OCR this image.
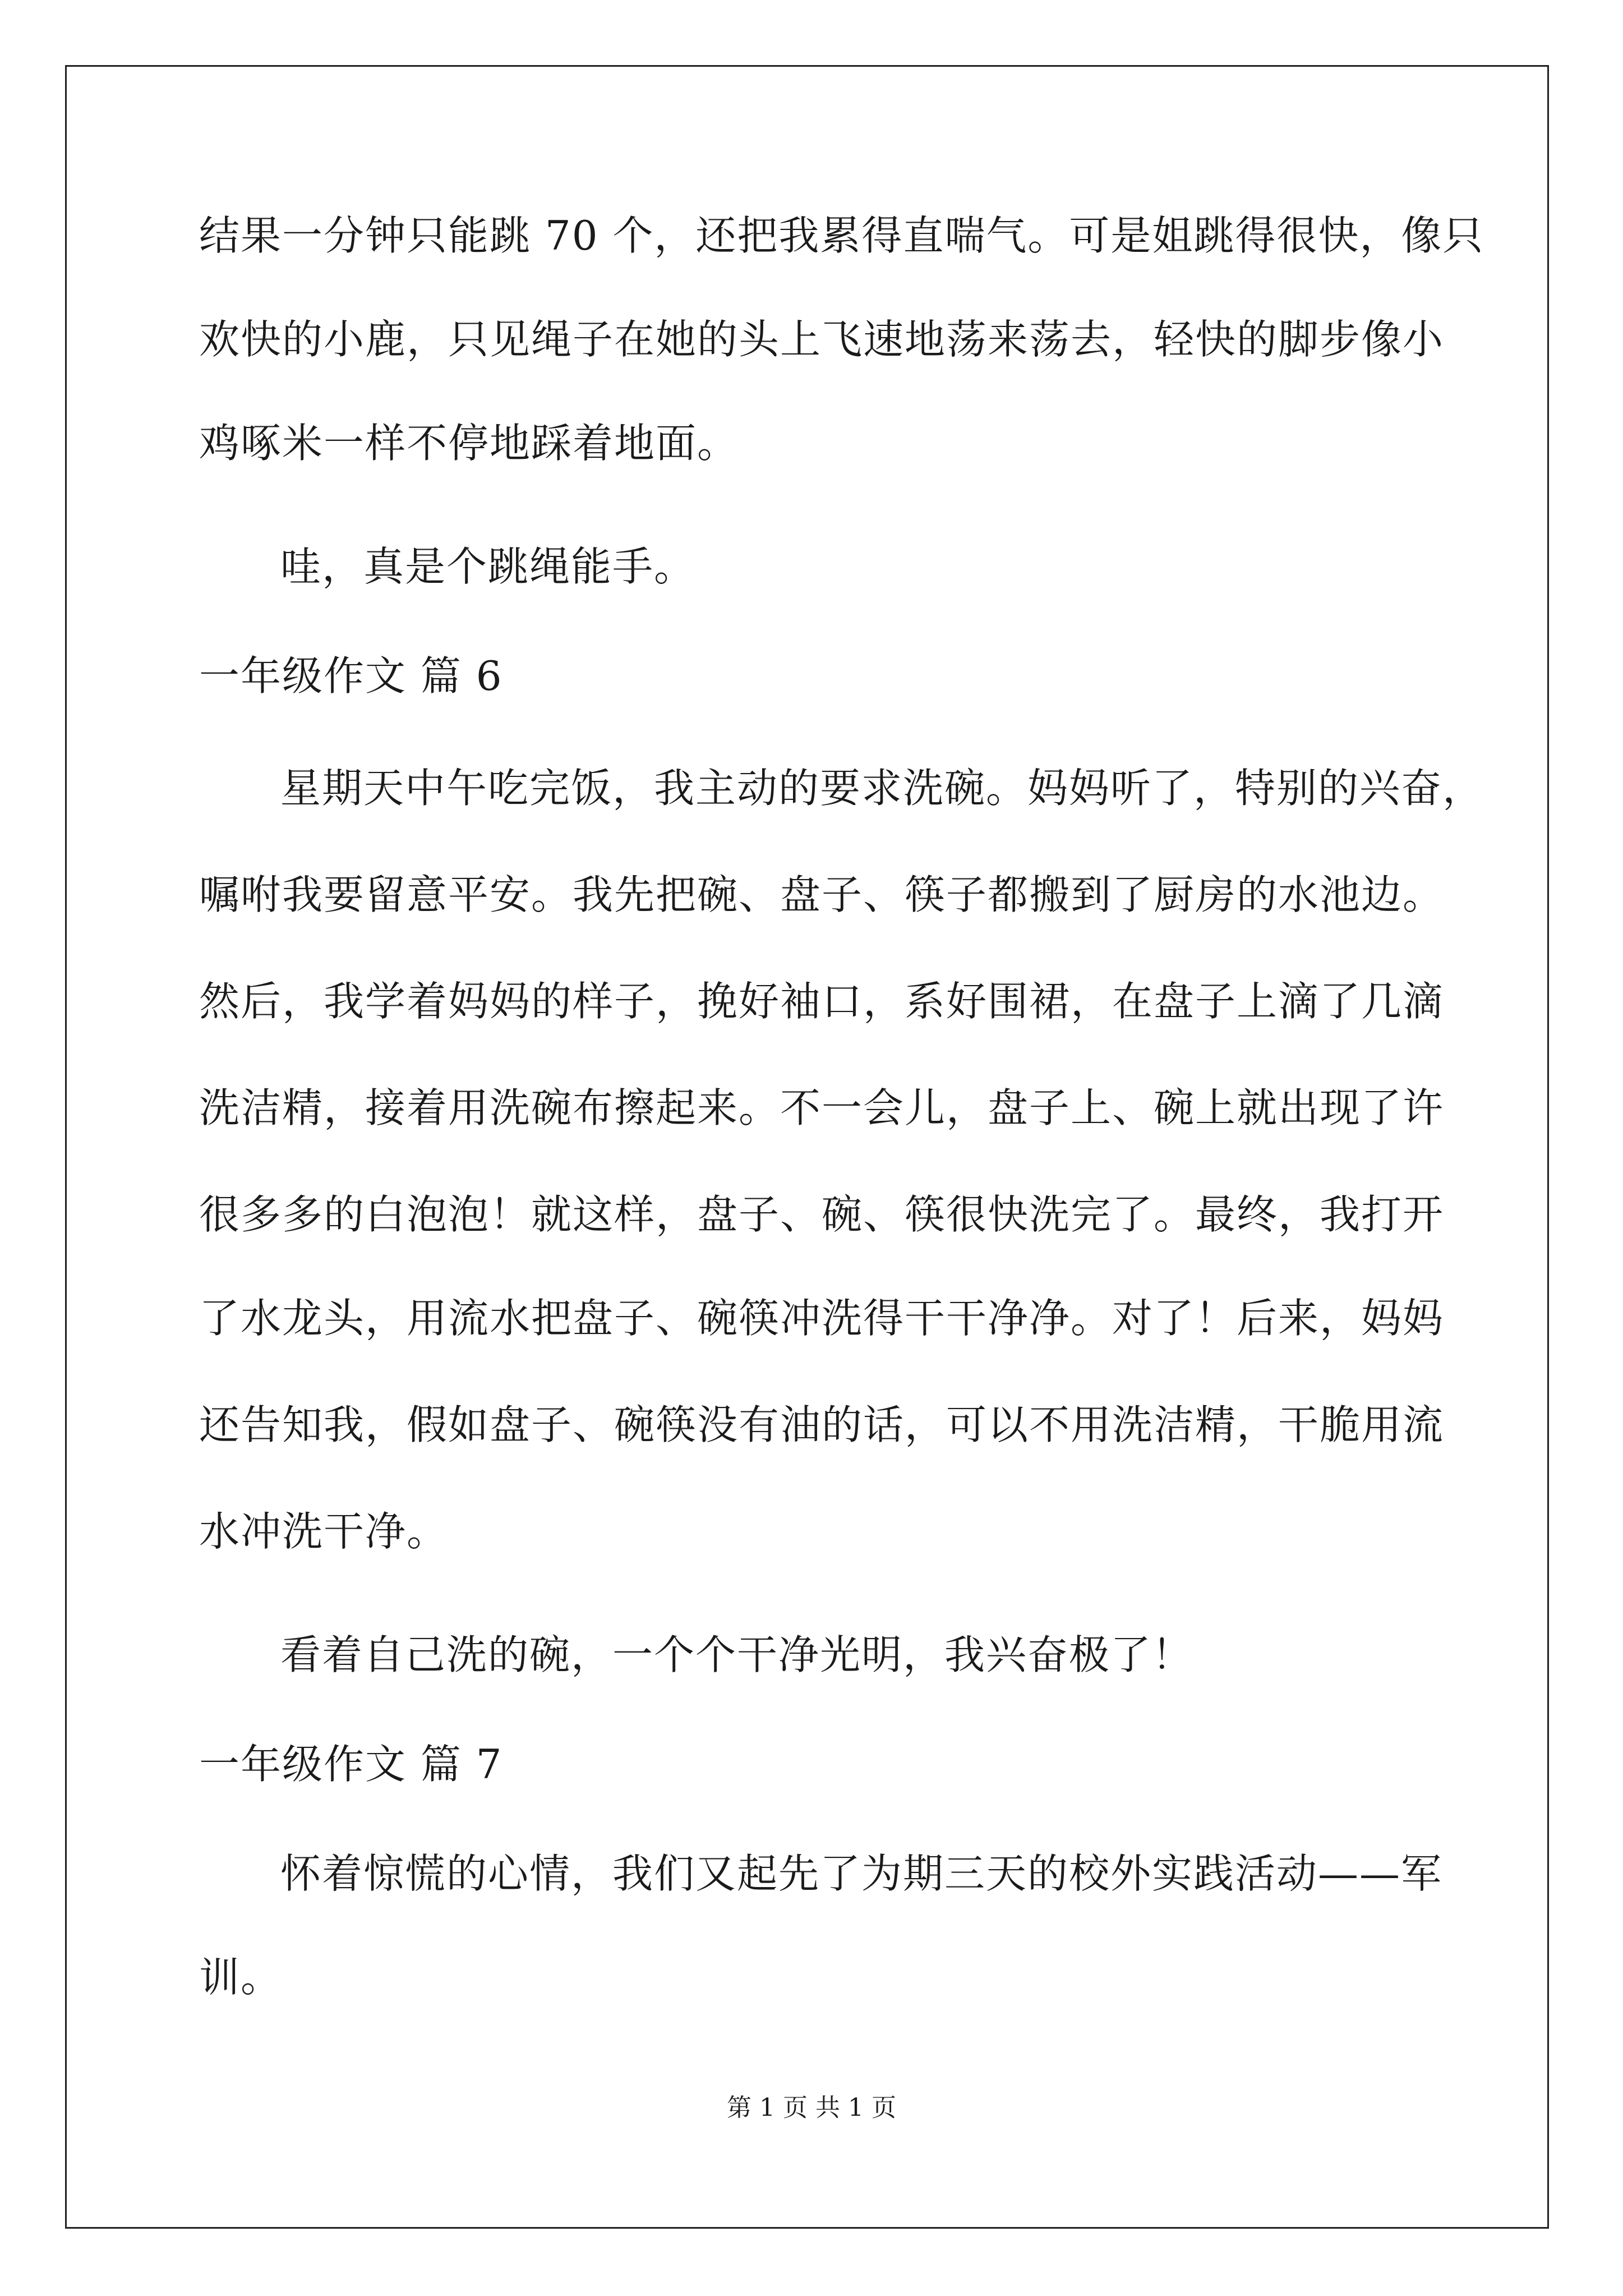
结果一分钟只能跳 70 个，还把我累得直喘气。可是姐跳得很快，像只
欢快的小鹿，只见绳子在她的头上飞速地荡来荡去，轻快的脚步像小
鸡啄米一样不停地踩着地面。
哇，真是个跳绳能手。
一年级作文 篇 6
星期天中午吃完饭，我主动的要求洗碗。妈妈听了，特别的兴奋，
嘱咐我要留意平安。我先把碗、盘子、筷子都搬到了厨房的水池边。
然后，我学着妈妈的样子，挽好袖口，系好围裙，在盘子上滴了几滴
洗洁精，接着用洗碗布擦起来。不一会儿，盘子上、碗上就出现了许
很多多的白泡泡！就这样，盘子、碗、筷很快洗完了。最终，我打开
了水龙头，用流水把盘子、碗筷冲洗得干干净净。对了！后来，妈妈
还告知我，假如盘子、碗筷没有油的话，可以不用洗洁精，干脆用流
水冲洗干净。
看着自己洗的碗，一个个干净光明，我兴奋极了！
一年级作文 篇 7
怀着惊慌的心情，我们又起先了为期三天的校外实践活动——军
训。
第 1 页 共 1 页
